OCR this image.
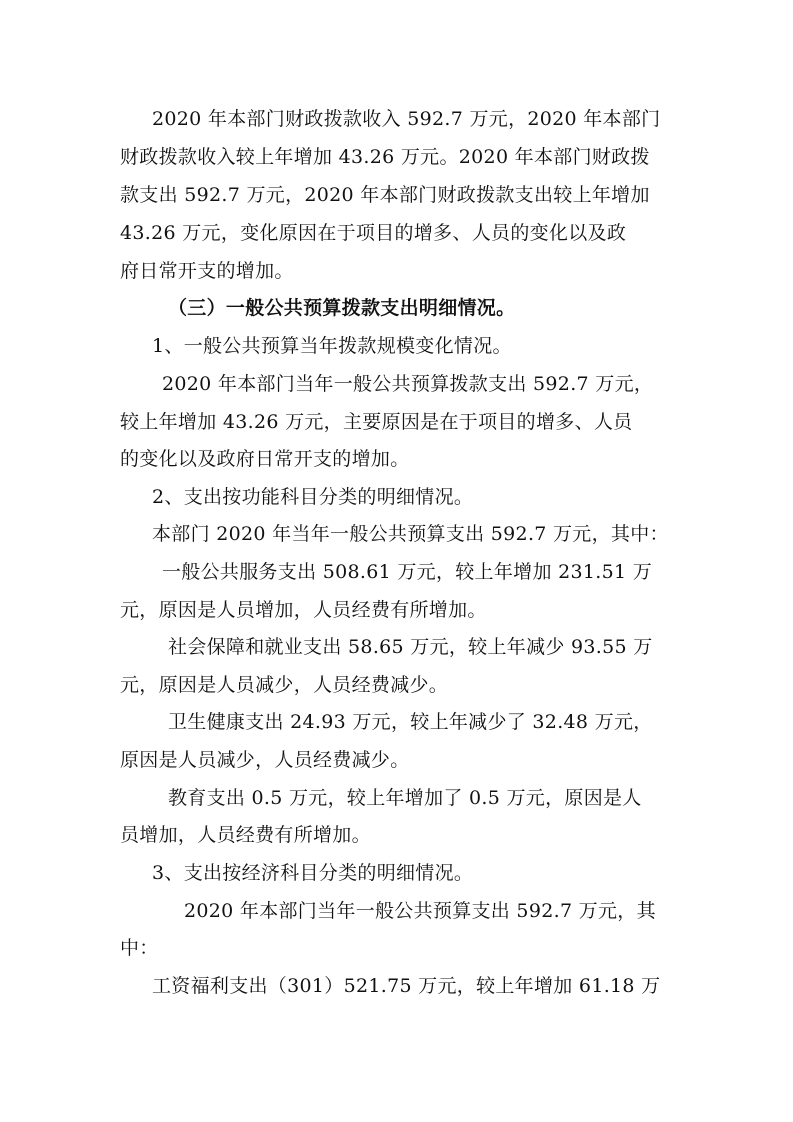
2020 年本部门财政拨款收入 592.7 万元，2020 年本部门
财政拨款收入较上年增加 43.26 万元。2020 年本部门财政拨
款支出 592.7 万元，2020 年本部门财政拨款支出较上年增加
43.26 万元，变化原因在于项目的增多、人员的变化以及政
府日常开支的增加。
（三）一般公共预算拨款支出明细情况。
1、一般公共预算当年拨款规模变化情况。
2020 年本部门当年一般公共预算拨款支出 592.7 万元，
较上年增加 43.26 万元，主要原因是在于项目的增多、人员
的变化以及政府日常开支的增加。
2、支出按功能科目分类的明细情况。
本部门 2020 年当年一般公共预算支出 592.7 万元，其中：
一般公共服务支出 508.61 万元，较上年增加 231.51 万
元，原因是人员增加，人员经费有所增加。
社会保障和就业支出 58.65 万元，较上年减少 93.55 万
元，原因是人员减少，人员经费减少。
卫生健康支出 24.93 万元，较上年减少了 32.48 万元，
原因是人员减少，人员经费减少。
教育支出 0.5 万元，较上年增加了 0.5 万元，原因是人
员增加，人员经费有所增加。
3、支出按经济科目分类的明细情况。
2020 年本部门当年一般公共预算支出 592.7 万元，其
中：
工资福利支出（301）521.75 万元，较上年增加 61.18 万
